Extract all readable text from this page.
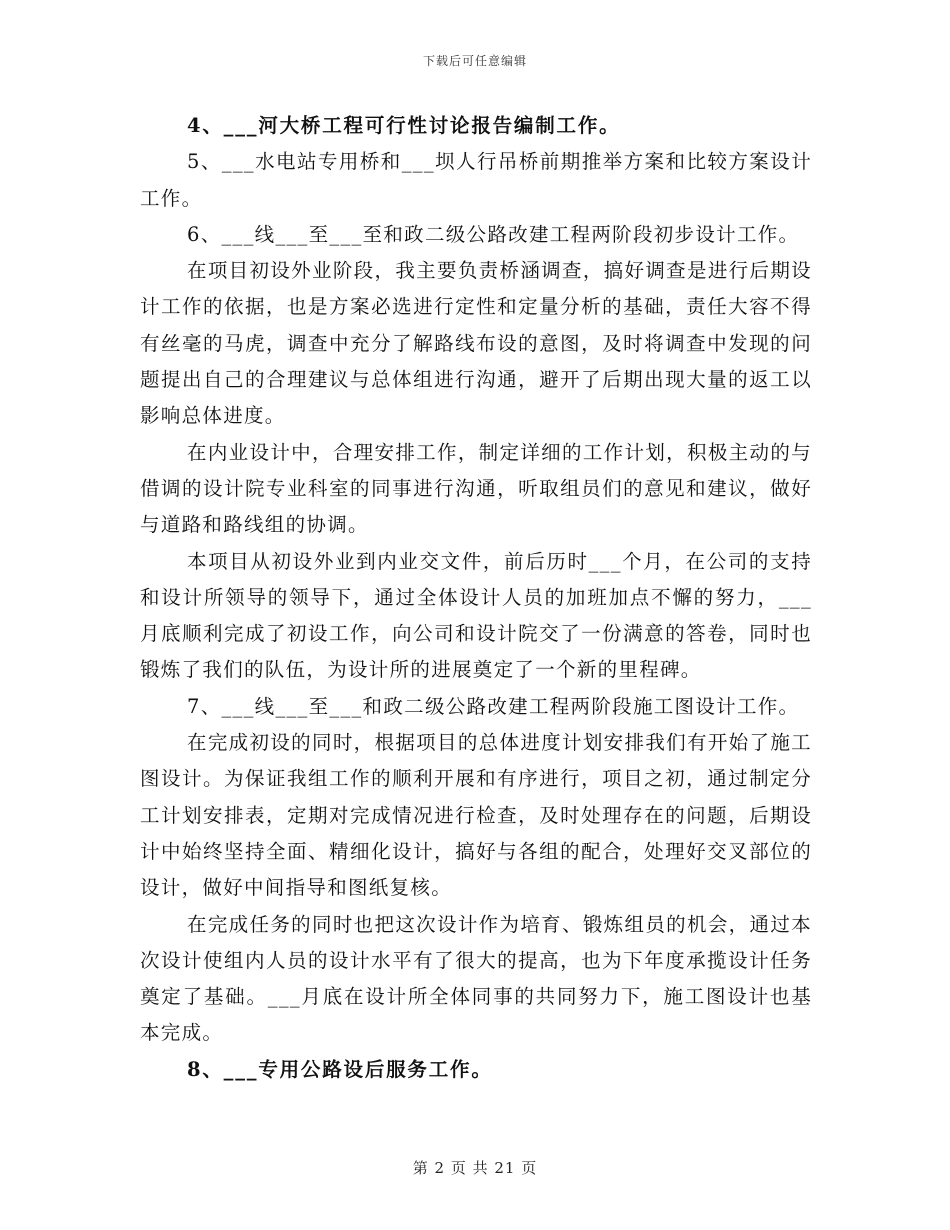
下载后可任意编辑

4、___河大桥工程可行性讨论报告编制工作。

5、___水电站专用桥和___坝人行吊桥前期推举方案和比较方案设计工作。

6、___线___至___至和政二级公路改建工程两阶段初步设计工作。

在项目初设外业阶段，我主要负责桥涵调查，搞好调查是进行后期设计工作的依据，也是方案必选进行定性和定量分析的基础，责任大容不得有丝毫的马虎，调查中充分了解路线布设的意图，及时将调查中发现的问题提出自己的合理建议与总体组进行沟通，避开了后期出现大量的返工以影响总体进度。

在内业设计中，合理安排工作，制定详细的工作计划，积极主动的与借调的设计院专业科室的同事进行沟通，听取组员们的意见和建议，做好与道路和路线组的协调。

本项目从初设外业到内业交文件，前后历时___个月，在公司的支持和设计所领导的领导下，通过全体设计人员的加班加点不懈的努力，___月底顺利完成了初设工作，向公司和设计院交了一份满意的答卷，同时也锻炼了我们的队伍，为设计所的进展奠定了一个新的里程碑。

7、___线___至___和政二级公路改建工程两阶段施工图设计工作。

在完成初设的同时，根据项目的总体进度计划安排我们有开始了施工图设计。为保证我组工作的顺利开展和有序进行，项目之初，通过制定分工计划安排表，定期对完成情况进行检查，及时处理存在的问题，后期设计中始终坚持全面、精细化设计，搞好与各组的配合，处理好交叉部位的设计，做好中间指导和图纸复核。

在完成任务的同时也把这次设计作为培育、锻炼组员的机会，通过本次设计使组内人员的设计水平有了很大的提高，也为下年度承揽设计任务奠定了基础。___月底在设计所全体同事的共同努力下，施工图设计也基本完成。

8、___专用公路设后服务工作。

第 2 页 共 21 页
